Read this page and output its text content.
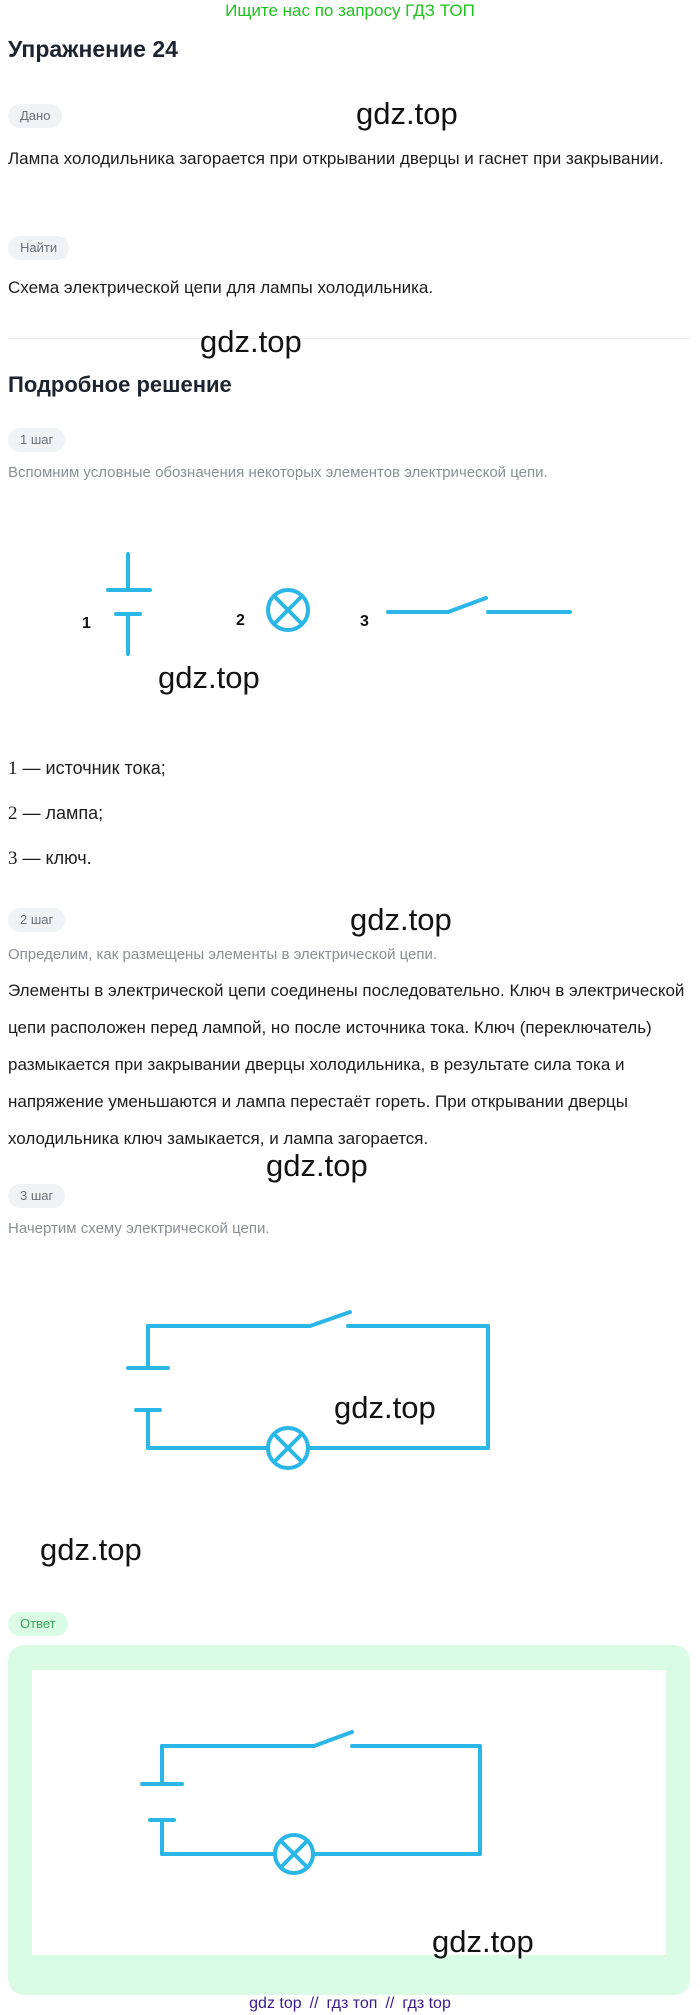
Ищите нас по запросу ГДЗ ТОП
Упражнение 24
Дано	gdz.top
Лампа холодильника загорается при открывании дверцы и гаснет при закрывании.
Найти
Схема электрической цепи для лампы холодильника.
gdz.top
Подробное решение
1 шаг
Вспомним условные обозначения некоторых элементов электрической цепи.
1	2	3
gdz.top
1 — источник тока;
2 — лампа;
3 — ключ.
2 шаг	gdz.top
Определим, как размещены элементы в электрической цепи.
Элементы в электрической цепи соединены последовательно. Ключ в электрической цепи расположен перед лампой, но после источника тока. Ключ (переключатель) размыкается при закрывании дверцы холодильника, в результате сила тока и напряжение уменьшаются и лампа перестаёт гореть. При открывании дверцы холодильника ключ замыкается, и лампа загорается.
gdz.top
3 шаг
Начертим схему электрической цепи.
gdz.top
gdz.top
Ответ
gdz.top
gdz top // гдз топ // гдз top
